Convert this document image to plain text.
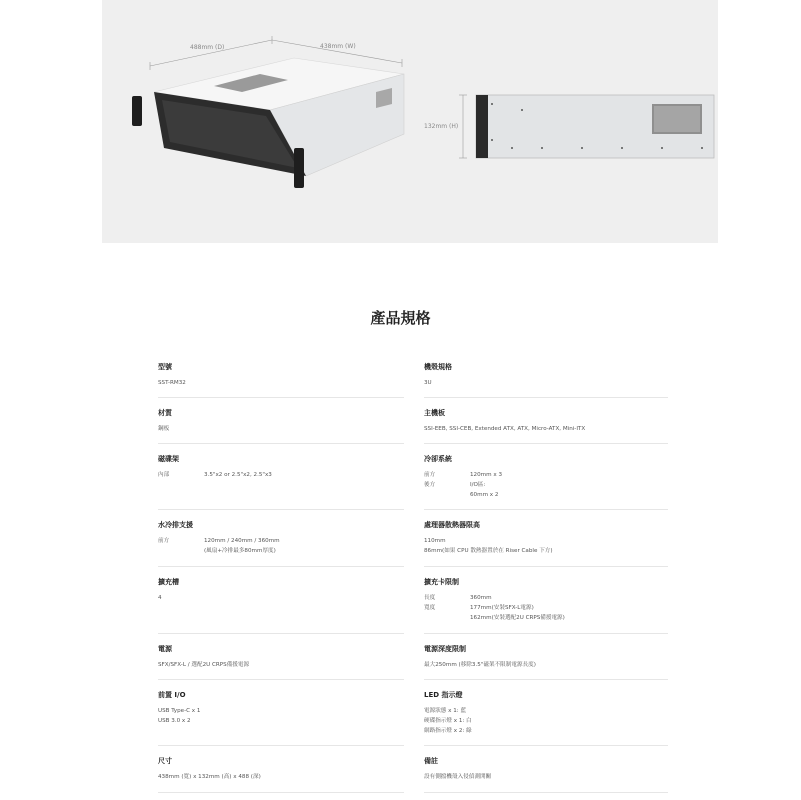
488mm (D)	438mm (W)
132mm (H)
產品規格
型號
SST-RM32
材質
鋼板
磁碟架
內部	3.5"x2 or 2.5"x2, 2.5"x3
水冷排支援
前方	120mm / 240mm / 360mm
(風扇+冷排最多80mm厚度)
擴充槽
4
電源
SFX/SFX-L / 選配2U CRPS備援電源
前置 I/O
USB Type-C x 1
USB 3.0 x 2
尺寸
438mm (寬) x 132mm (高) x 488 (深)
機殼規格
3U
主機板
SSI-EEB, SSI-CEB, Extended ATX, ATX, Micro-ATX, Mini-ITX
冷卻系統
前方	120mm x 3
後方	I/O區:
60mm x 2
處理器散熱器限高
110mm
86mm(如果 CPU 散熱器置於在 Riser Cable 下方)
擴充卡限制
長度	360mm
寬度	177mm(安裝SFX-L電源)
162mm(安裝選配2U CRPS備援電源)
電源深度限制
最大250mm (移除3.5"磁架不限制電源長度)
LED 指示燈
電源狀態 x 1: 藍
硬碟指示燈 x 1: 白
網路指示燈 x 2: 綠
備註
設有側擋機殼入侵偵測開關
